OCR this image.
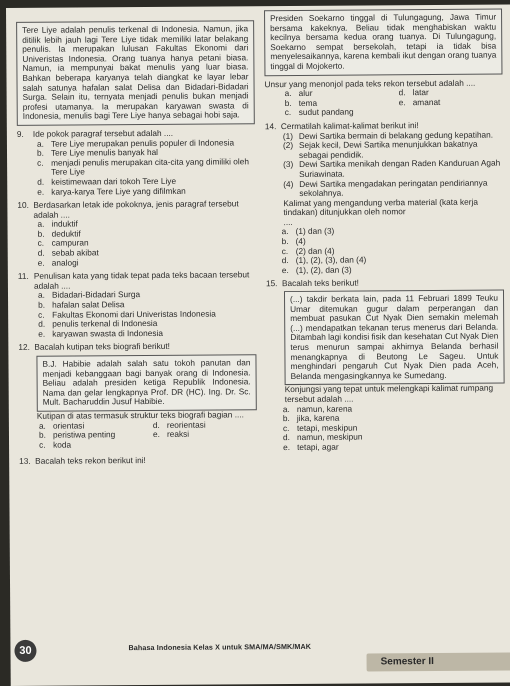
Tere Liye adalah penulis terkenal di Indonesia. Namun, jika ditilik lebih jauh lagi Tere Liye tidak memiliki latar belakang penulis. Ia merupakan lulusan Fakultas Ekonomi dari Univeristas Indonesia. Orang tuanya hanya petani biasa. Namun, ia mempunyai bakat menulis yang luar biasa. Bahkan beberapa karyanya telah diangkat ke layar lebar salah satunya hafalan salat Delisa dan Bidadari-Bidadari Surga. Selain itu, ternyata menjadi penulis bukan menjadi profesi utamanya. Ia merupakan karyawan swasta di Indonesia, menulis bagi Tere Liye hanya sebagai hobi saja.

9.	Ide pokok paragraf tersebut adalah ....
a. Tere Liye merupakan penulis populer di Indonesia
b. Tere Liye menulis banyak hal
c. menjadi penulis merupakan cita-cita yang dimiliki oleh Tere Liye
d. keistimewaan dari tokoh Tere Liye
e. karya-karya Tere Liye yang difilmkan
10. Berdasarkan letak ide pokoknya, jenis paragraf tersebut adalah ....
a. induktif
b. deduktif
c. campuran
d. sebab akibat
e. analogi
11. Penulisan kata yang tidak tepat pada teks bacaan tersebut adalah ....
a. Bidadari-Bidadari Surga
b. hafalan salat Delisa
c. Fakultas Ekonomi dari Univeristas Indonesia
d. penulis terkenal di Indonesia
e. karyawan swasta di Indonesia
12. Bacalah kutipan teks biografi berikut!

B.J. Habibie adalah salah satu tokoh panutan dan menjadi kebanggaan bagi banyak orang di Indonesia. Beliau adalah presiden ketiga Republik Indonesia. Nama dan gelar lengkapnya Prof. DR (HC). Ing. Dr. Sc. Mult. Bacharuddin Jusuf Habibie.

Kutipan di atas termasuk struktur teks biografi bagian ....
a. orientasi	d. reorientasi
b. peristiwa penting	e. reaksi
c. koda
13. Bacalah teks rekon berikut ini!

Presiden Soekarno tinggal di Tulungagung, Jawa Timur bersama kakeknya. Beliau tidak menghabiskan waktu kecilnya bersama kedua orang tuanya. Di Tulungagung, Soekarno sempat bersekolah, tetapi ia tidak bisa menyelesaikannya, karena kembali ikut dengan orang tuanya tinggal di Mojokerto.

Unsur yang menonjol pada teks rekon tersebut adalah ....
a. alur	d. latar
b. tema	e. amanat
c. sudut pandang
14. Cermatilah kalimat-kalimat berikut ini!
(1) Dewi Sartika bermain di belakang gedung kepatihan.
(2) Sejak kecil, Dewi Sartika menunjukkan bakatnya sebagai pendidik.
(3) Dewi Sartika menikah dengan Raden Kanduruan Agah Suriawinata.
(4) Dewi Sartika mengadakan peringatan pendiriannya sekolahnya.
Kalimat yang mengandung verba material (kata kerja tindakan) ditunjukkan oleh nomor
....
a. (1) dan (3)
b. (4)
c. (2) dan (4)
d. (1), (2), (3), dan (4)
e. (1), (2), dan (3)
15. Bacalah teks berikut!

(...) takdir berkata lain, pada 11 Februari 1899 Teuku Umar ditemukan gugur dalam perperangan dan membuat pasukan Cut Nyak Dien semakin melemah (...) mendapatkan tekanan terus menerus dari Belanda. Ditambah lagi kondisi fisik dan kesehatan Cut Nyak Dien terus menurun sampai akhirnya Belanda berhasil menangkapnya di Beutong Le Sageu. Untuk menghindari pengaruh Cut Nyak Dien pada Aceh, Belanda mengasingkannya ke Sumedang.

Konjungsi yang tepat untuk melengkapi kalimat rumpang tersebut adalah ....
a. namun, karena
b. jika, karena
c. tetapi, meskipun
d. namun, meskipun
e. tetapi, agar
30	Bahasa Indonesia Kelas X untuk SMA/MA/SMK/MAK
Semester II
